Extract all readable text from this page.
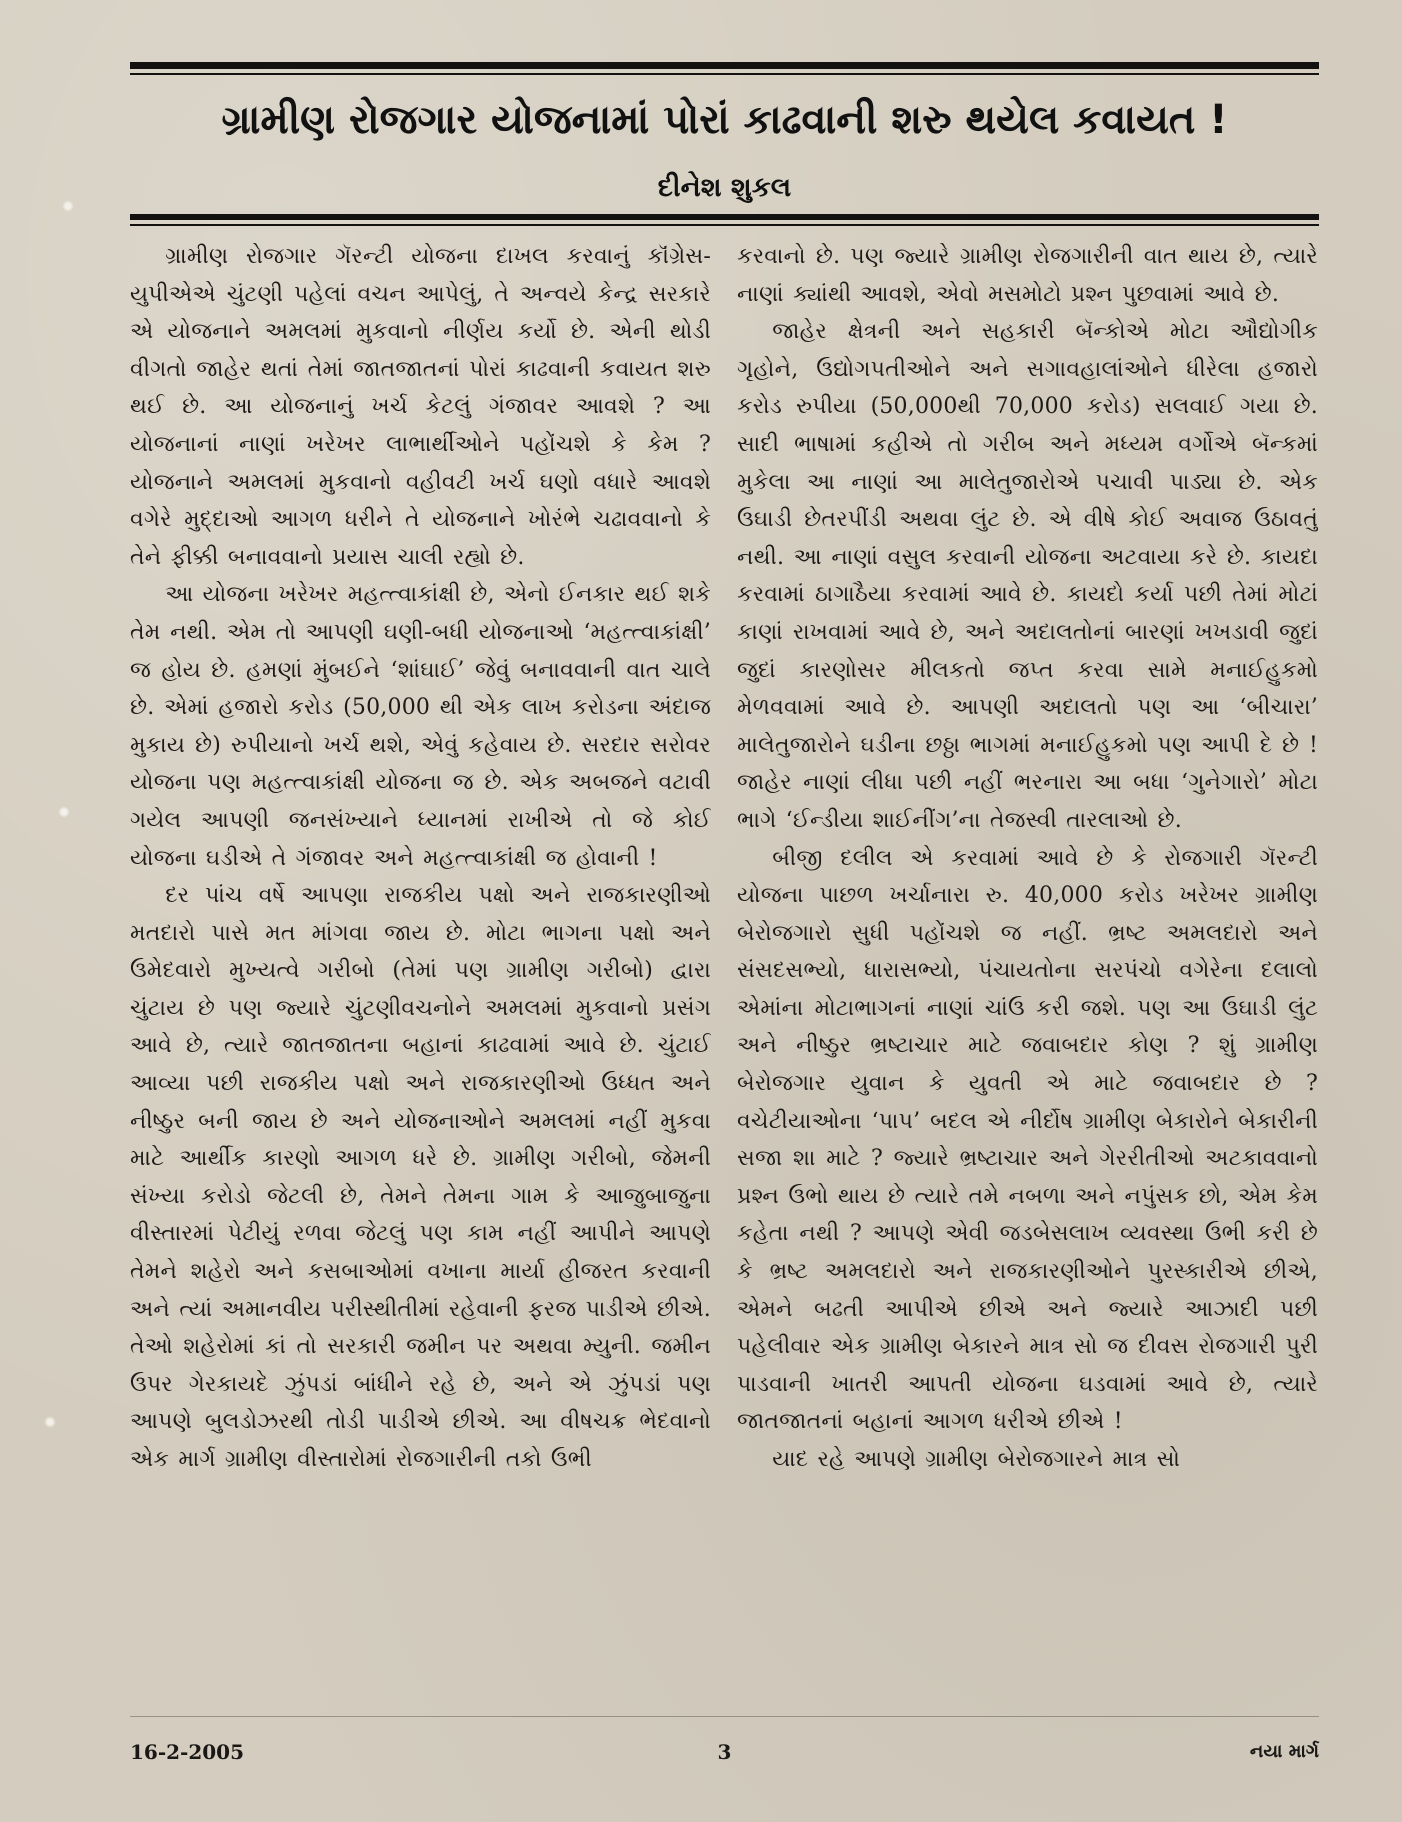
ગ્રામીણ રોજગાર યોજનામાં પોરાં કાઢવાની શરુ થયેલ કવાયત !
દીનેશ શુકલ

ગ્રામીણ રોજગાર ગૅરન્ટી યોજના દાખલ કરવાનું કૉંગ્રેસ-યુપીએએ ચુંટણી પહેલાં વચન આપેલું, તે અન્વયે કેન્દ્ર સરકારે એ યોજનાને અમલમાં મુકવાનો નીર્ણય કર્યો છે. એની થોડી વીગતો જાહેર થતાં તેમાં જાતજાતનાં પોરાં કાઢવાની કવાયત શરુ થઈ છે. આ યોજનાનું ખર્ચ કેટલું ગંજાવર આવશે ? આ યોજનાનાં નાણાં ખરેખર લાભાર્થીઓને પહોંચશે કે કેમ ? યોજનાને અમલમાં મુકવાનો વહીવટી ખર્ચ ઘણો વધારે આવશે વગેરે મુદ્દાઓ આગળ ધરીને તે યોજનાને ખોરંભે ચઢાવવાનો કે તેને ફીક્કી બનાવવાનો પ્રયાસ ચાલી રહ્યો છે.

આ યોજના ખરેખર મહત્ત્વાકાંક્ષી છે, એનો ઈનકાર થઈ શકે તેમ નથી. એમ તો આપણી ઘણી-બધી યોજનાઓ ‘મહત્ત્વાકાંક્ષી’ જ હોય છે. હમણાં મુંબઈને ‘શાંઘાઈ’ જેવું બનાવવાની વાત ચાલે છે. એમાં હજારો કરોડ (50,000 થી એક લાખ કરોડના અંદાજ મુકાય છે) રુપીયાનો ખર્ચ થશે, એવું કહેવાય છે. સરદાર સરોવર યોજના પણ મહત્ત્વાકાંક્ષી યોજના જ છે. એક અબજને વટાવી ગયેલ આપણી જનસંખ્યાને ધ્યાનમાં રાખીએ તો જે કોઈ યોજના ઘડીએ તે ગંજાવર અને મહત્ત્વાકાંક્ષી જ હોવાની !

દર પાંચ વર્ષે આપણા રાજકીય પક્ષો અને રાજકારણીઓ મતદારો પાસે મત માંગવા જાય છે. મોટા ભાગના પક્ષો અને ઉમેદવારો મુખ્યત્વે ગરીબો (તેમાં પણ ગ્રામીણ ગરીબો) દ્વારા ચુંટાય છે પણ જ્યારે ચુંટણીવચનોને અમલમાં મુકવાનો પ્રસંગ આવે છે, ત્યારે જાતજાતના બહાનાં કાઢવામાં આવે છે. ચુંટાઈ આવ્યા પછી રાજકીય પક્ષો અને રાજકારણીઓ ઉધ્ધત અને નીષ્ઠુર બની જાય છે અને યોજનાઓને અમલમાં નહીં મુકવા માટે આર્થીક કારણો આગળ ધરે છે. ગ્રામીણ ગરીબો, જેમની સંખ્યા કરોડો જેટલી છે, તેમને તેમના ગામ કે આજુબાજુના વીસ્તારમાં પેટીયું રળવા જેટલું પણ કામ નહીં આપીને આપણે તેમને શહેરો અને કસબાઓમાં વખાના માર્યા હીજરત કરવાની અને ત્યાં અમાનવીય પરીસ્થીતીમાં રહેવાની ફરજ પાડીએ છીએ. તેઓ શહેરોમાં કાં તો સરકારી જમીન પર અથવા મ્યુની. જમીન ઉપર ગેરકાયદે ઝુંપડાં બાંધીને રહે છે, અને એ ઝુંપડાં પણ આપણે બુલડોઝરથી તોડી પાડીએ છીએ. આ વીષચક્ર ભેદવાનો એક માર્ગ ગ્રામીણ વીસ્તારોમાં રોજગારીની તકો ઉભી

કરવાનો છે. પણ જ્યારે ગ્રામીણ રોજગારીની વાત થાય છે, ત્યારે નાણાં ક્યાંથી આવશે, એવો મસમોટો પ્રશ્ન પુછવામાં આવે છે.

જાહેર ક્ષેત્રની અને સહકારી બૅન્કોએ મોટા ઔદ્યોગીક ગૃહોને, ઉદ્યોગપતીઓને અને સગાવહાલાંઓને ધીરેલા હજારો કરોડ રુપીયા (50,000થી 70,000 કરોડ) સલવાઈ ગયા છે. સાદી ભાષામાં કહીએ તો ગરીબ અને મધ્યમ વર્ગોએ બૅન્કમાં મુકેલા આ નાણાં આ માલેતુજારોએ પચાવી પાડ્યા છે. એક ઉઘાડી છેતરપીંડી અથવા લુંટ છે. એ વીષે કોઈ અવાજ ઉઠાવતું નથી. આ નાણાં વસુલ કરવાની યોજના અટવાયા કરે છે. કાયદા કરવામાં ઠાગાઠૈયા કરવામાં આવે છે. કાયદો કર્યા પછી તેમાં મોટાં કાણાં રાખવામાં આવે છે, અને અદાલતોનાં બારણાં ખખડાવી જુદાં જુદાં કારણોસર મીલકતો જપ્ત કરવા સામે મનાઈહુકમો મેળવવામાં આવે છે. આપણી અદાલતો પણ આ ‘બીચારા’ માલેતુજારોને ઘડીના છઠ્ઠા ભાગમાં મનાઈહુકમો પણ આપી દે છે ! જાહેર નાણાં લીધા પછી નહીં ભરનારા આ બધા ‘ગુનેગારો’ મોટા ભાગે ‘ઈન્ડીયા શાઈનીંગ’ના તેજસ્વી તારલાઓ છે.

બીજી દલીલ એ કરવામાં આવે છે કે રોજગારી ગૅરન્ટી યોજના પાછળ ખર્ચાનારા રુ. 40,000 કરોડ ખરેખર ગ્રામીણ બેરોજગારો સુધી પહોંચશે જ નહીં. ભ્રષ્ટ અમલદારો અને સંસદસભ્યો, ધારાસભ્યો, પંચાયતોના સરપંચો વગેરેના દલાલો એમાંના મોટાભાગનાં નાણાં ચાંઉ કરી જશે. પણ આ ઉઘાડી લુંટ અને નીષ્ઠુર ભ્રષ્ટાચાર માટે જવાબદાર કોણ ? શું ગ્રામીણ બેરોજગાર યુવાન કે યુવતી એ માટે જવાબદાર છે ? વચેટીયાઓના ‘પાપ’ બદલ એ નીર્દોષ ગ્રામીણ બેકારોને બેકારીની સજા શા માટે ? જ્યારે ભ્રષ્ટાચાર અને ગેરરીતીઓ અટકાવવાનો પ્રશ્ન ઉભો થાય છે ત્યારે તમે નબળા અને નપુંસક છો, એમ કેમ કહેતા નથી ? આપણે એવી જડબેસલાખ વ્યવસ્થા ઉભી કરી છે કે ભ્રષ્ટ અમલદારો અને રાજકારણીઓને પુરસ્કારીએ છીએ, એમને બઢતી આપીએ છીએ અને જ્યારે આઝાદી પછી પહેલીવાર એક ગ્રામીણ બેકારને માત્ર સો જ દીવસ રોજગારી પુરી પાડવાની ખાતરી આપતી યોજના ઘડવામાં આવે છે, ત્યારે જાતજાતનાં બહાનાં આગળ ધરીએ છીએ !

યાદ રહે આપણે ગ્રામીણ બેરોજગારને માત્ર સો

16-2-2005	3	નયા માર્ગ
